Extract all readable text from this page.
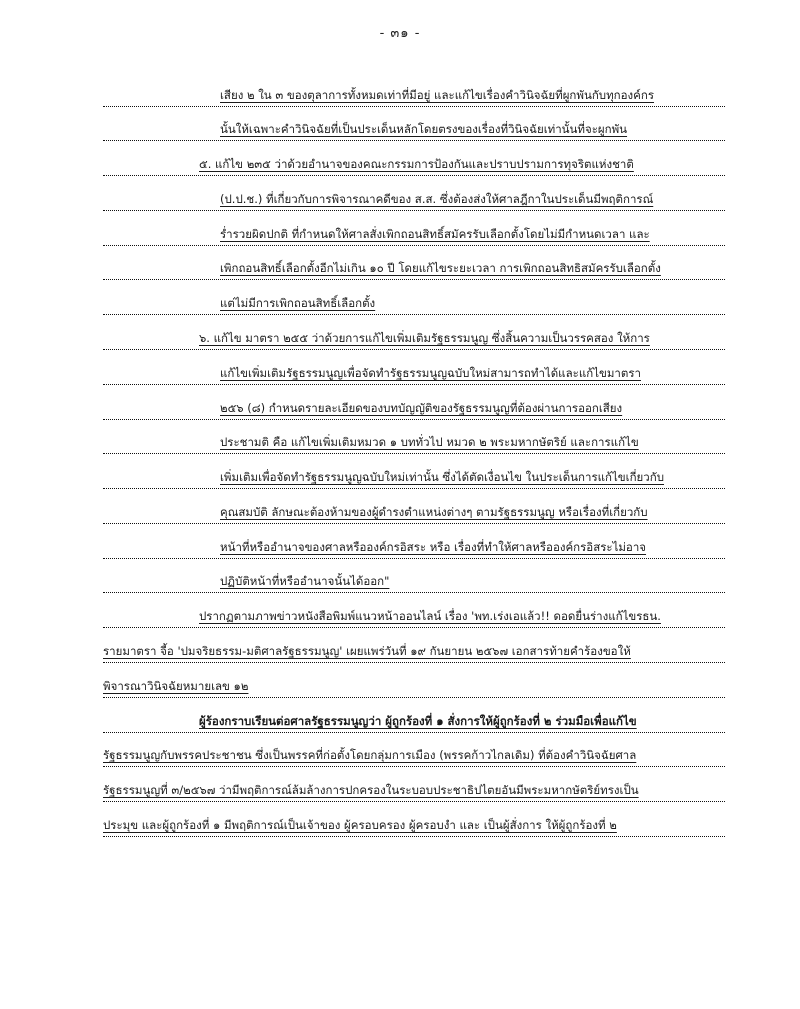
- ๓๑ -
เสียง ๒ ใน ๓ ของตุลาการทั้งหมดเท่าที่มีอยู่ และแก้ไขเรื่องคำวินิจฉัยที่ผูกพันกับทุกองค์กร
นั้นให้เฉพาะคำวินิจฉัยที่เป็นประเด็นหลักโดยตรงของเรื่องที่วินิจฉัยเท่านั้นที่จะผูกพัน
๕. แก้ไข ๒๓๕ ว่าด้วยอำนาจของคณะกรรมการป้องกันและปราบปรามการทุจริตแห่งชาติ
(ป.ป.ช.) ที่เกี่ยวกับการพิจารณาคดีของ ส.ส. ซึ่งต้องส่งให้ศาลฎีกาในประเด็นมีพฤติการณ์
ร่ำรวยผิดปกติ ที่กำหนดให้ศาลสั่งเพิกถอนสิทธิ์สมัครรับเลือกตั้งโดยไม่มีกำหนดเวลา และ
เพิกถอนสิทธิ์เลือกตั้งอีกไม่เกิน ๑๐ ปี โดยแก้ไขระยะเวลา การเพิกถอนสิทธิสมัครรับเลือกตั้ง
แต่ไม่มีการเพิกถอนสิทธิ์เลือกตั้ง
๖. แก้ไข มาตรา ๒๕๕ ว่าด้วยการแก้ไขเพิ่มเติมรัฐธรรมนูญ ซึ่งสิ้นความเป็นวรรคสอง ให้การ
แก้ไขเพิ่มเติมรัฐธรรมนูญเพื่อจัดทำรัฐธรรมนูญฉบับใหม่สามารถทำได้และแก้ไขมาตรา
๒๕๖ (๘) กำหนดรายละเอียดของบทบัญญัติของรัฐธรรมนูญที่ต้องผ่านการออกเสียง
ประชามติ คือ แก้ไขเพิ่มเติมหมวด ๑ บททั่วไป หมวด ๒ พระมหากษัตริย์ และการแก้ไข
เพิ่มเติมเพื่อจัดทำรัฐธรรมนูญฉบับใหม่เท่านั้น ซึ่งได้ตัดเงื่อนไข ในประเด็นการแก้ไขเกี่ยวกับ
คุณสมบัติ ลักษณะต้องห้ามของผู้ดำรงตำแหน่งต่างๆ ตามรัฐธรรมนูญ หรือเรื่องที่เกี่ยวกับ
หน้าที่หรืออำนาจของศาลหรือองค์กรอิสระ หรือ เรื่องที่ทำให้ศาลหรือองค์กรอิสระไม่อาจ
ปฏิบัติหน้าที่หรืออำนาจนั้นได้ออก"
ปรากฏตามภาพข่าวหนังสือพิมพ์แนวหน้าออนไลน์ เรื่อง 'พท.เร่งเอแล้ว!! ดอดยื่นร่างแก้ไขรธน.
รายมาตรา จี้อ 'ปมจริยธรรม-มติศาลรัฐธรรมนูญ' เผยแพร่วันที่ ๑๙ กันยายน ๒๕๖๗ เอกสารท้ายคำร้องขอให้
พิจารณาวินิจฉัยหมายเลข ๑๒
ผู้ร้องกราบเรียนต่อศาลรัฐธรรมนูญว่า ผู้ถูกร้องที่ ๑ สั่งการให้ผู้ถูกร้องที่ ๒ ร่วมมือเพื่อแก้ไข
รัฐธรรมนูญกับพรรคประชาชน ซึ่งเป็นพรรคที่ก่อตั้งโดยกลุ่มการเมือง (พรรคก้าวไกลเดิม) ที่ต้องคำวินิจฉัยศาล
รัฐธรรมนูญที่ ๓/๒๕๖๗ ว่ามีพฤติการณ์ล้มล้างการปกครองในระบอบประชาธิปไตยอันมีพระมหากษัตริย์ทรงเป็น
ประมุข และผู้ถูกร้องที่ ๑ มีพฤติการณ์เป็นเจ้าของ ผู้ครอบครอง ผู้ครอบงำ และ เป็นผู้สั่งการ ให้ผู้ถูกร้องที่ ๒
